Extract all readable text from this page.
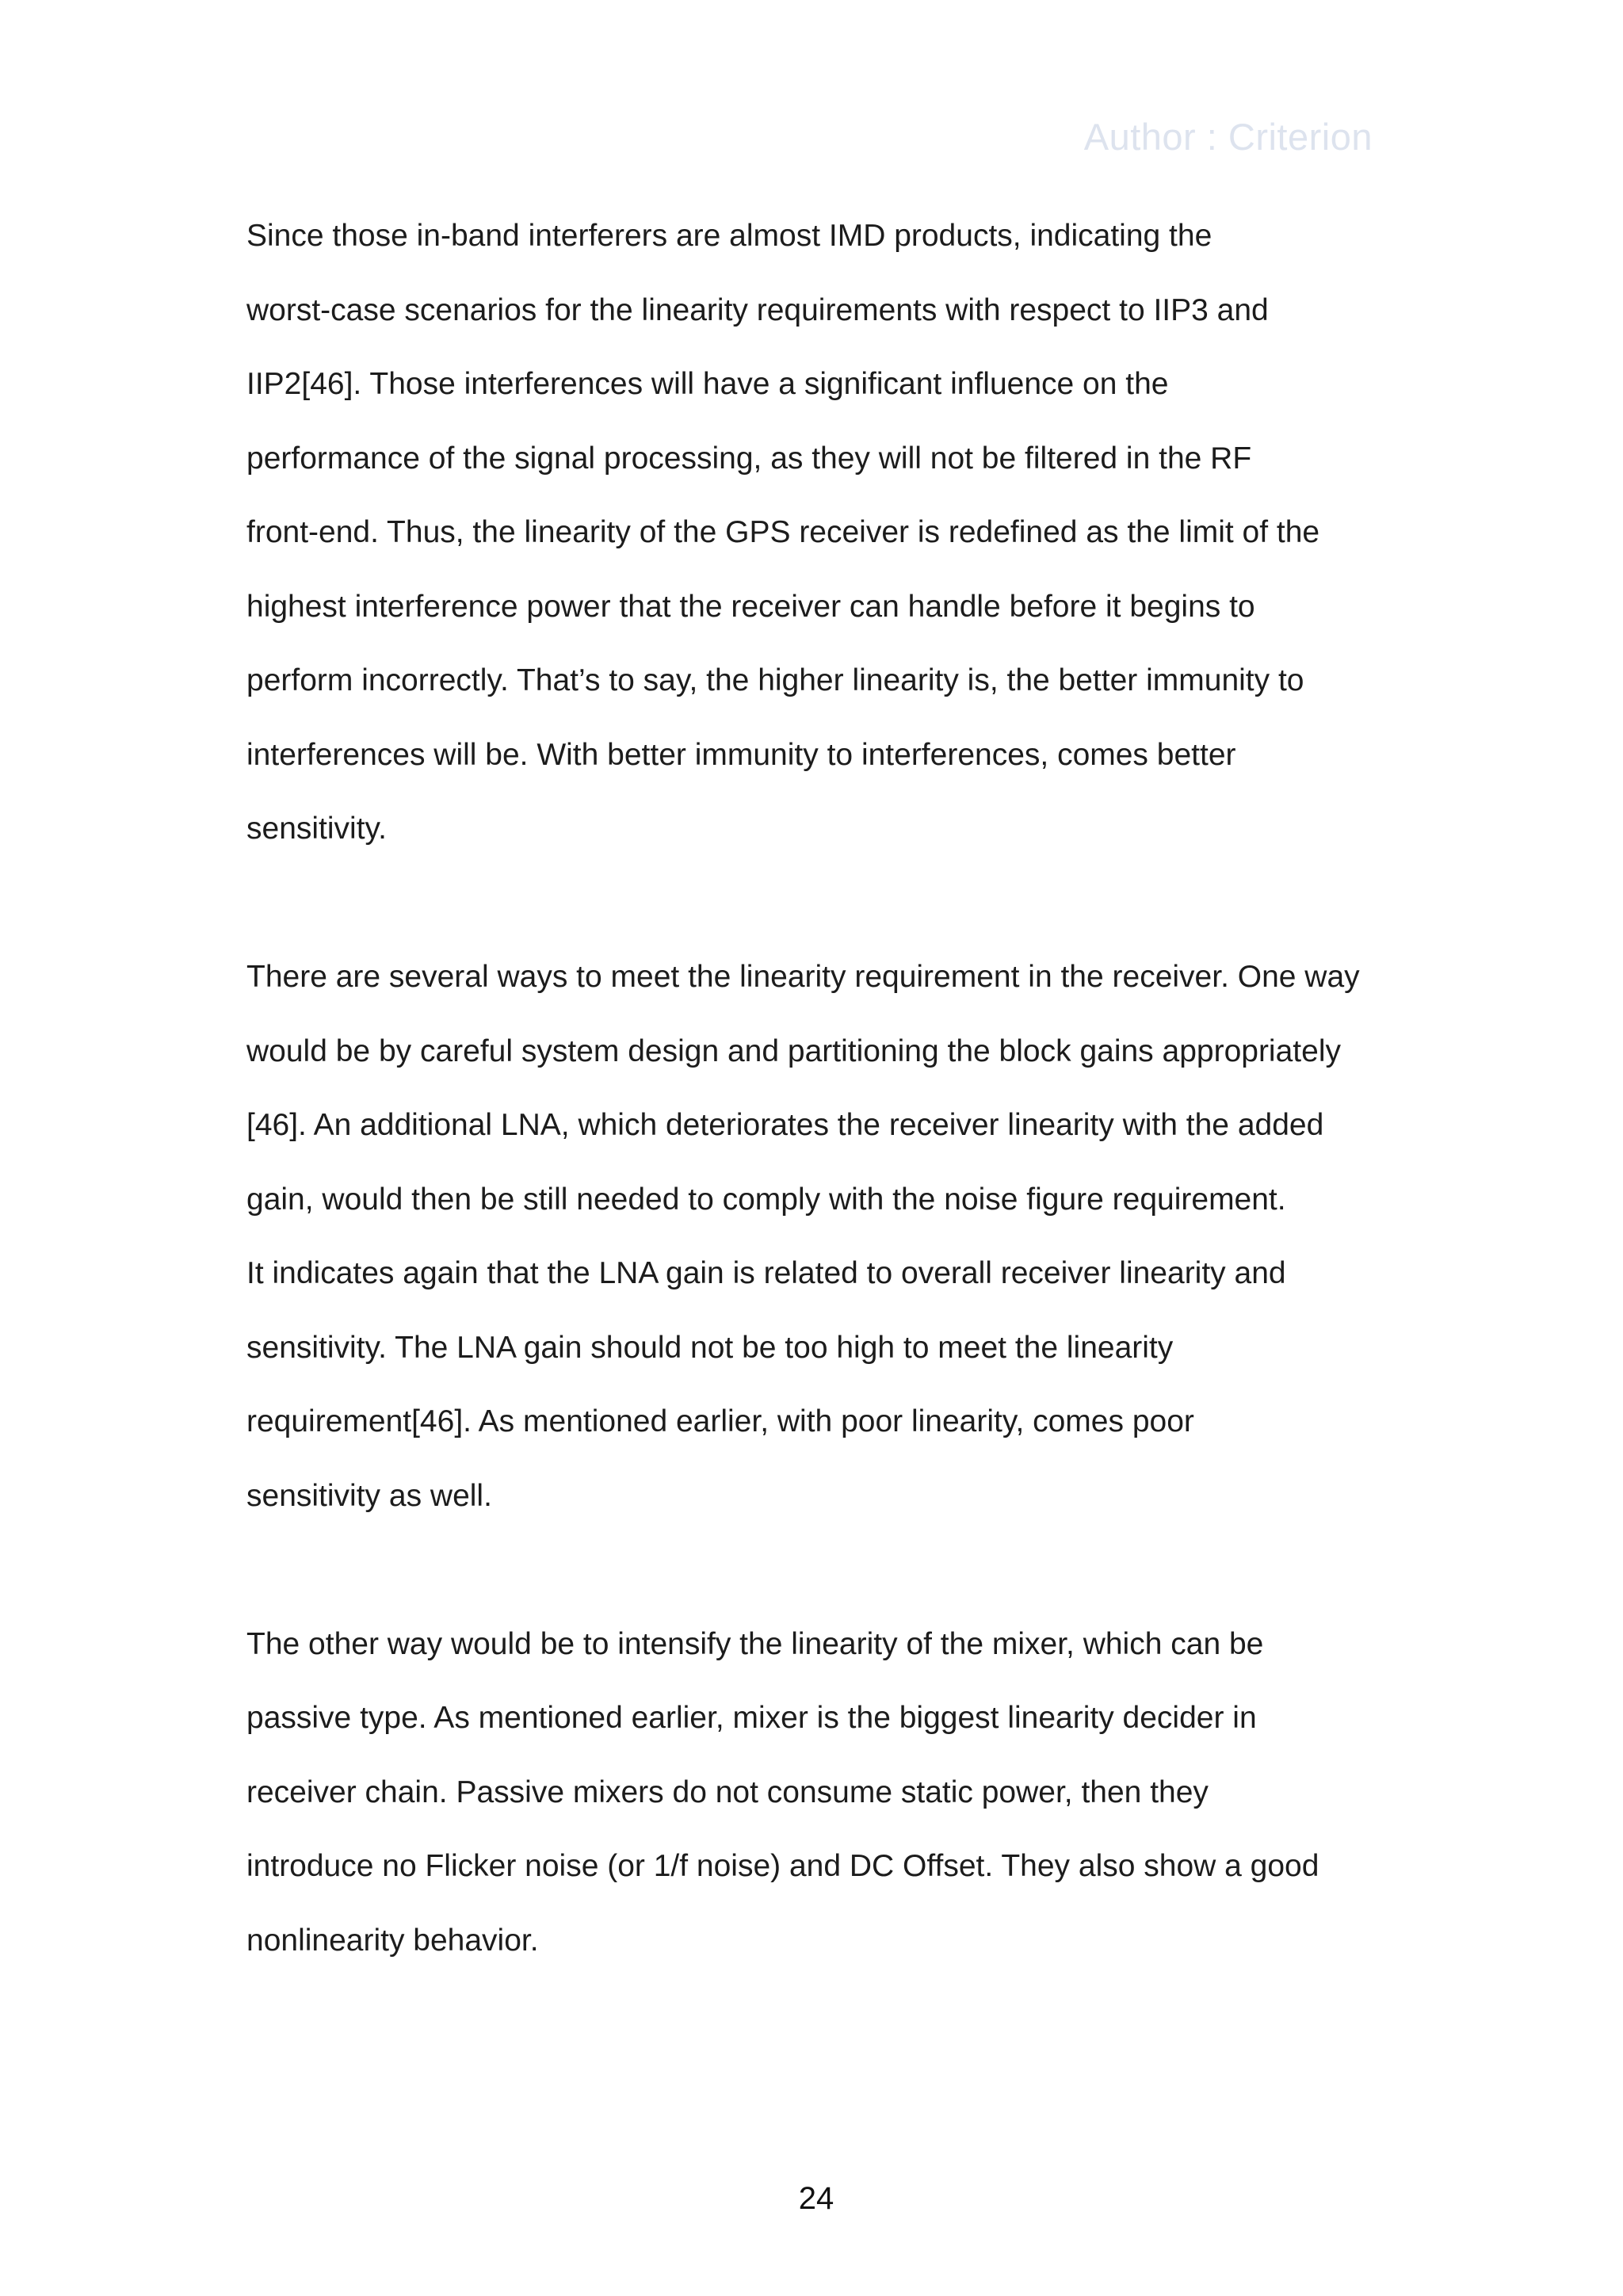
Author : Criterion
Since those in-band interferers are almost IMD products, indicating the
worst-case scenarios for the linearity requirements with respect to IIP3 and
IIP2[46]. Those interferences will have a significant influence on the
performance of the signal processing, as they will not be filtered in the RF
front-end. Thus, the linearity of the GPS receiver is redefined as the limit of the
highest interference power that the receiver can handle before it begins to
perform incorrectly. That’s to say, the higher linearity is, the better immunity to
interferences will be. With better immunity to interferences, comes better
sensitivity.
There are several ways to meet the linearity requirement in the receiver. One way
would be by careful system design and partitioning the block gains appropriately
[46]. An additional LNA, which deteriorates the receiver linearity with the added
gain, would then be still needed to comply with the noise figure requirement.
It indicates again that the LNA gain is related to overall receiver linearity and
sensitivity. The LNA gain should not be too high to meet the linearity
requirement[46]. As mentioned earlier, with poor linearity, comes poor
sensitivity as well.
The other way would be to intensify the linearity of the mixer, which can be
passive type. As mentioned earlier, mixer is the biggest linearity decider in
receiver chain. Passive mixers do not consume static power, then they
introduce no Flicker noise (or 1/f noise) and DC Offset. They also show a good
nonlinearity behavior.
24
